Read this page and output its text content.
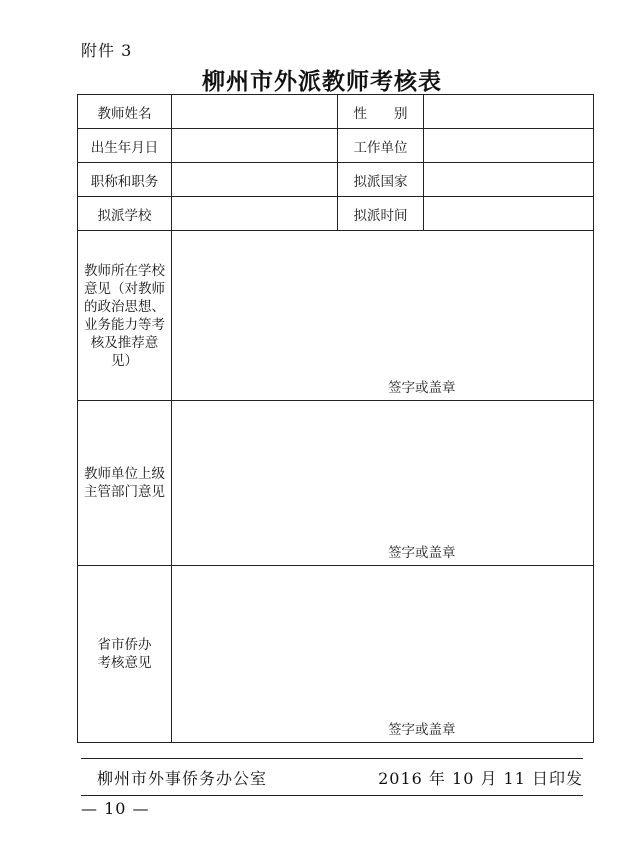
附件 3
柳州市外派教师考核表
教师姓名		性　　别	
出生年月日		工作单位	
职称和职务		拟派国家	
拟派学校		拟派时间	

教师所在学校意见（对教师的政治思想、业务能力等考核及推荐意见）	签字或盖章		

教师单位上级主管部门意见	签字或盖章		

省市侨办考核意见	签字或盖章		
柳州市外事侨务办公室	2016 年 10 月 11 日印发
— 10 —
